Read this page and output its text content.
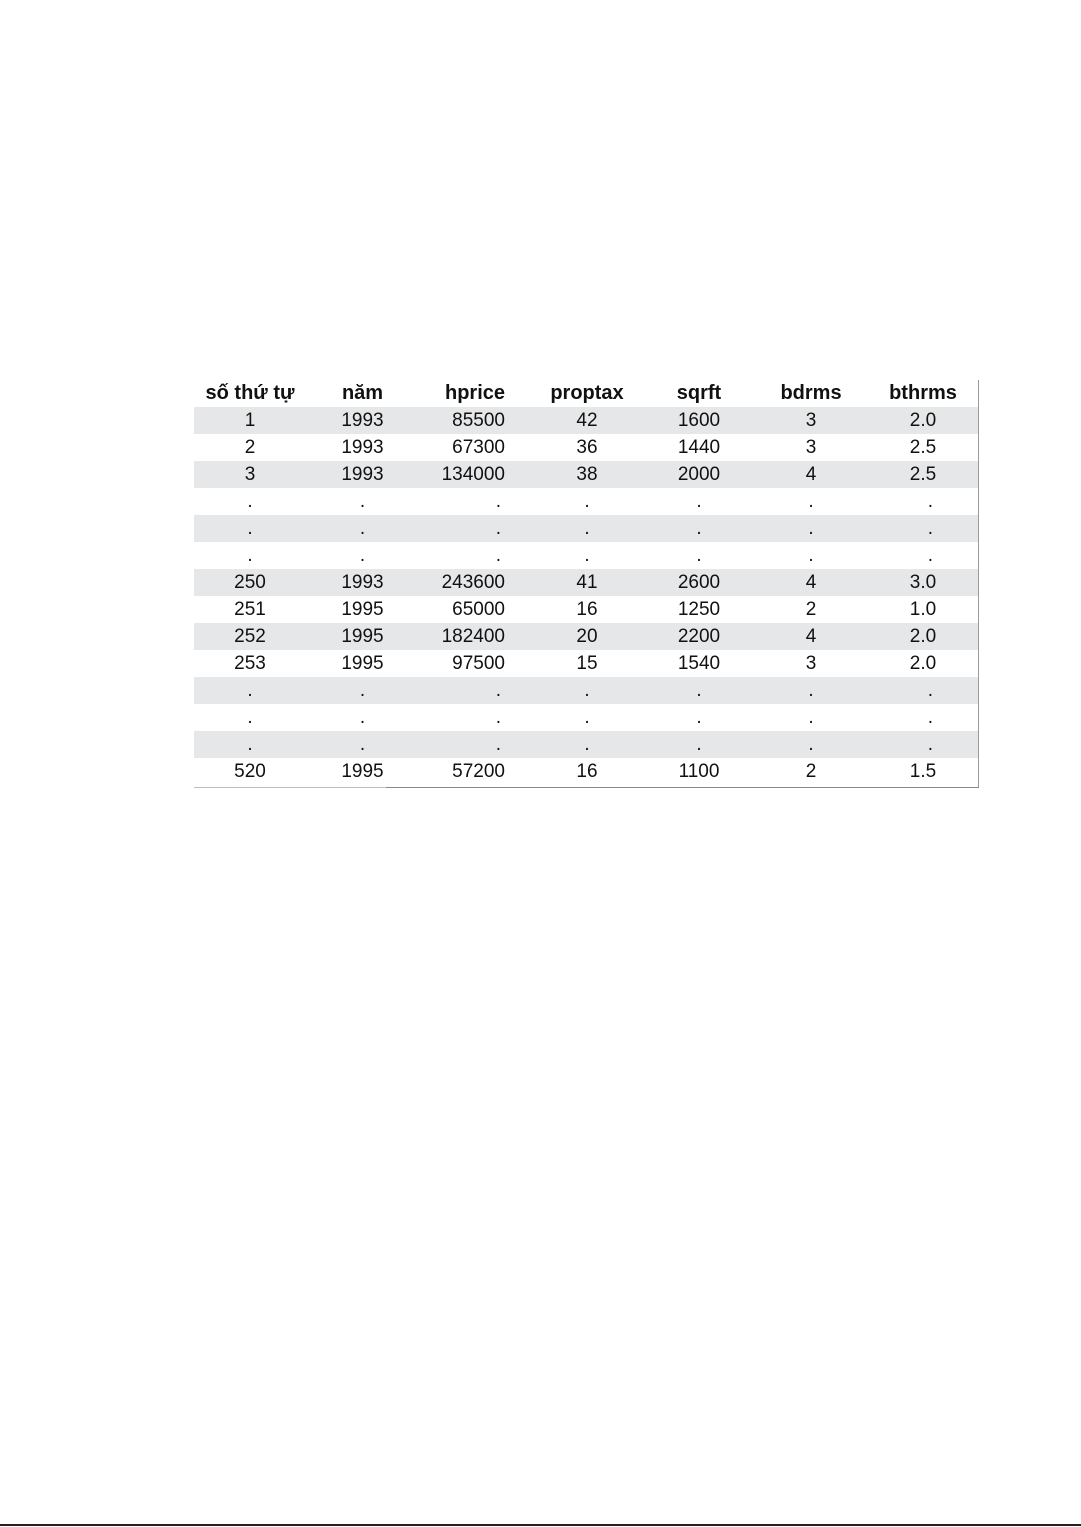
số thứ tự	năm	hprice	proptax	sqrft	bdrms	bthrms
1	1993	85500	42	1600	3	2.0
2	1993	67300	36	1440	3	2.5
3	1993	134000	38	2000	4	2.5
.	.	.	.	.	.	.
.	.	.	.	.	.	.
.	.	.	.	.	.	.
250	1993	243600	41	2600	4	3.0
251	1995	65000	16	1250	2	1.0
252	1995	182400	20	2200	4	2.0
253	1995	97500	15	1540	3	2.0
.	.	.	.	.	.	.
.	.	.	.	.	.	.
.	.	.	.	.	.	.
520	1995	57200	16	1100	2	1.5
